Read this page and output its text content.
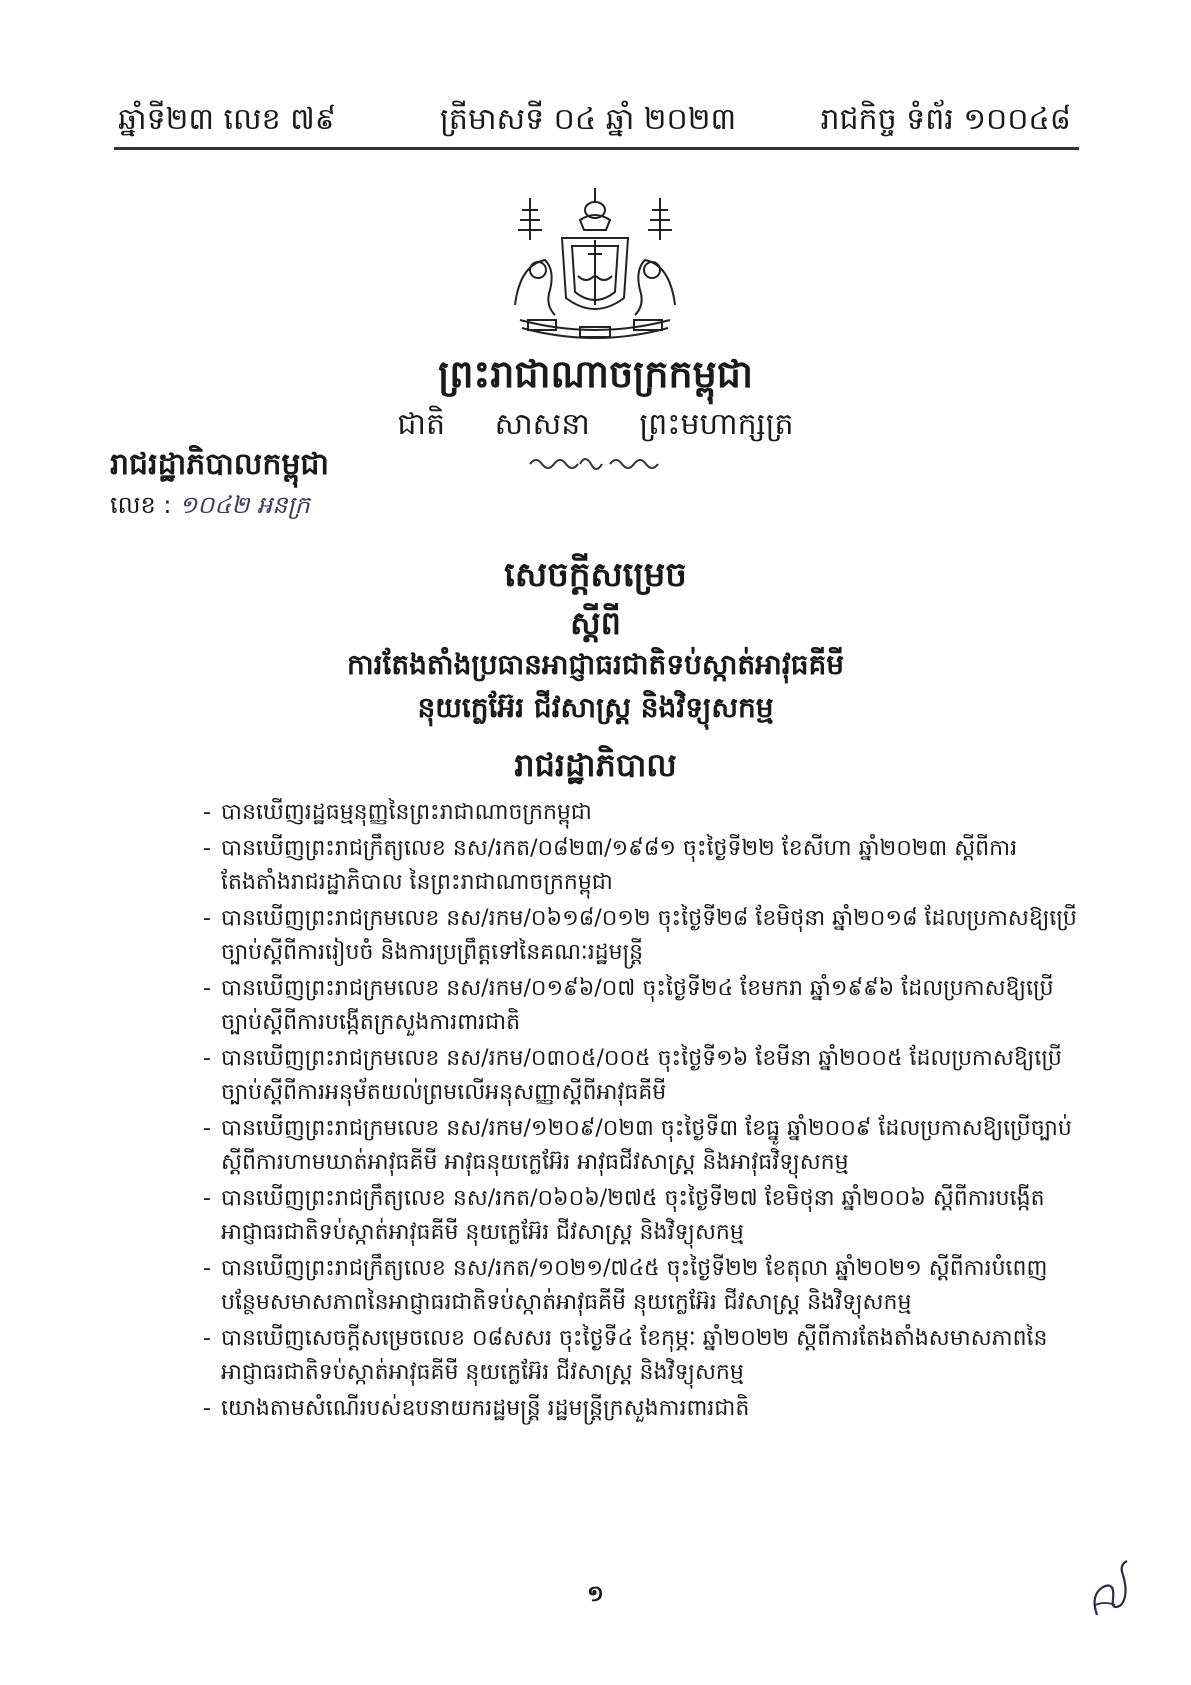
ឆ្នាំទី២៣ លេខ ៧៩	ត្រីមាសទី ០៤ ឆ្នាំ ២០២៣	រាជកិច្ច ទំព័រ ១០០៤៨
ព្រះរាជាណាចក្រកម្ពុជា
ជាតិ សាសនា ព្រះមហាក្សត្រ
រាជរដ្ឋាភិបាលកម្ពុជា
លេខ : ១០៤២ អនក្រ
សេចក្តីសម្រេច
ស្តីពី
ការតែងតាំងប្រធានអាជ្ញាធរជាតិទប់ស្កាត់អាវុធគីមី
នុយក្លេអ៊ែរ ជីវសាស្ត្រ និងវិទ្យុសកម្ម
រាជរដ្ឋាភិបាល
- បានឃើញរដ្ឋធម្មនុញ្ញនៃព្រះរាជាណាចក្រកម្ពុជា
- បានឃើញព្រះរាជក្រឹត្យលេខ នស/រកត/០៨២៣/១៩៨១ ចុះថ្ងៃទី២២ ខែសីហា ឆ្នាំ២០២៣ ស្តីពីការតែងតាំងរាជរដ្ឋាភិបាល នៃព្រះរាជាណាចក្រកម្ពុជា
- បានឃើញព្រះរាជក្រមលេខ នស/រកម/០៦១៨/០១២ ចុះថ្ងៃទី២៨ ខែមិថុនា ឆ្នាំ២០១៨ ដែលប្រកាសឱ្យប្រើច្បាប់ស្តីពីការរៀបចំ និងការប្រព្រឹត្តទៅនៃគណៈរដ្ឋមន្ត្រី
- បានឃើញព្រះរាជក្រមលេខ នស/រកម/០១៩៦/០៧ ចុះថ្ងៃទី២៤ ខែមករា ឆ្នាំ១៩៩៦ ដែលប្រកាសឱ្យប្រើច្បាប់ស្តីពីការបង្កើតក្រសួងការពារជាតិ
- បានឃើញព្រះរាជក្រមលេខ នស/រកម/០៣០៥/០០៥ ចុះថ្ងៃទី១៦ ខែមីនា ឆ្នាំ២០០៥ ដែលប្រកាសឱ្យប្រើច្បាប់ស្តីពីការអនុម័តយល់ព្រមលើអនុសញ្ញាស្តីពីអាវុធគីមី
- បានឃើញព្រះរាជក្រមលេខ នស/រកម/១២០៩/០២៣ ចុះថ្ងៃទី៣ ខែធ្នូ ឆ្នាំ២០០៩ ដែលប្រកាសឱ្យប្រើច្បាប់ស្តីពីការហាមឃាត់អាវុធគីមី អាវុធនុយក្លេអ៊ែរ អាវុធជីវសាស្ត្រ និងអាវុធវិទ្យុសកម្ម
- បានឃើញព្រះរាជក្រឹត្យលេខ នស/រកត/០៦០៦/២៧៥ ចុះថ្ងៃទី២៧ ខែមិថុនា ឆ្នាំ២០០៦ ស្តីពីការបង្កើតអាជ្ញាធរជាតិទប់ស្កាត់អាវុធគីមី នុយក្លេអ៊ែរ ជីវសាស្ត្រ និងវិទ្យុសកម្ម
- បានឃើញព្រះរាជក្រឹត្យលេខ នស/រកត/១០២១/៧៤៥ ចុះថ្ងៃទី២២ ខែតុលា ឆ្នាំ២០២១ ស្តីពីការបំពេញបន្ថែមសមាសភាពនៃអាជ្ញាធរជាតិទប់ស្កាត់អាវុធគីមី នុយក្លេអ៊ែរ ជីវសាស្ត្រ និងវិទ្យុសកម្ម
- បានឃើញសេចក្តីសម្រេចលេខ ០៨សសរ ចុះថ្ងៃទី៤ ខែកុម្ភៈ ឆ្នាំ២០២២ ស្តីពីការតែងតាំងសមាសភាពនៃអាជ្ញាធរជាតិទប់ស្កាត់អាវុធគីមី នុយក្លេអ៊ែរ ជីវសាស្ត្រ និងវិទ្យុសកម្ម
- យោងតាមសំណើរបស់ឧបនាយករដ្ឋមន្ត្រី រដ្ឋមន្ត្រីក្រសួងការពារជាតិ
១
